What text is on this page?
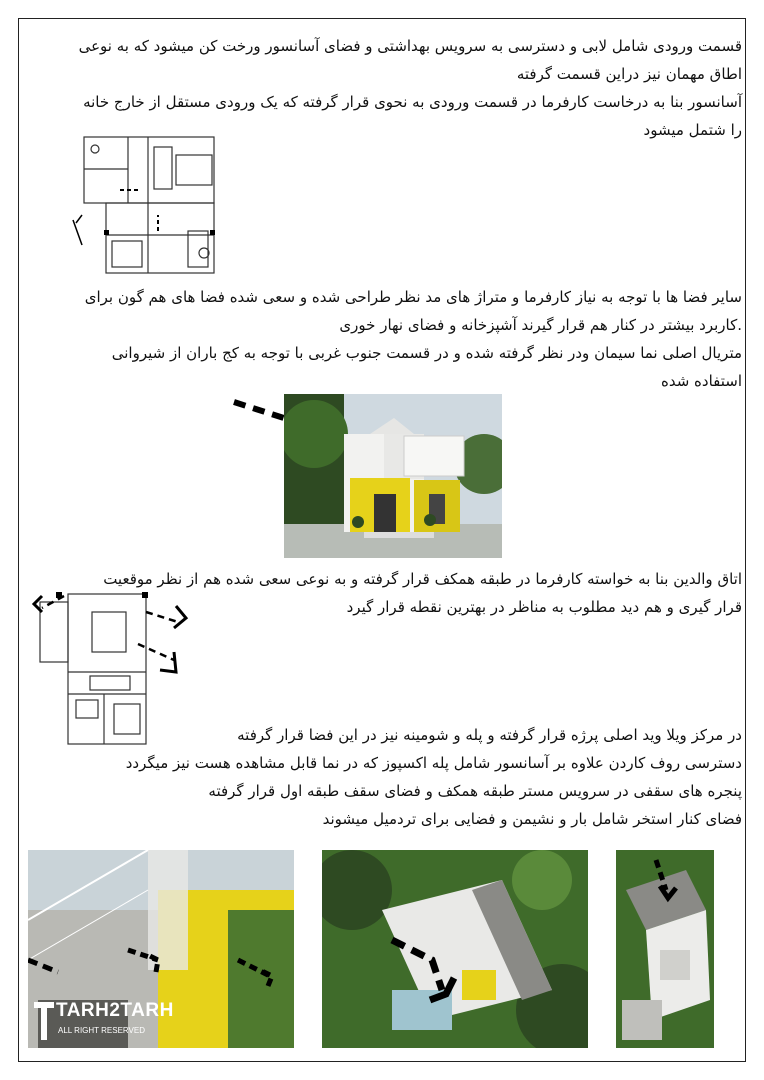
قسمت ورودی شامل لابی و دسترسی به سرویس بهداشتی و فضای آسانسور ورخت کن میشود که به نوعی

اطاق مهمان نیز دراین قسمت گرفته

آسانسور بنا به درخاست کارفرما در قسمت ورودی به نحوی قرار گرفته که یک ورودی مستقل از خارج خانه

را شتمل میشود

سایر فضا ها با توجه به نیاز کارفرما و متراژ های مد نظر طراحی شده و سعی شده فضا های هم گون برای

.کاربرد بیشتر در کنار هم قرار گیرند آشپزخانه و فضای نهار خوری

متریال اصلی نما سیمان ودر نظر گرفته شده و در قسمت جنوب غربی با توجه به کج باران از شیروانی

استفاده شده

اتاق والدین بنا به خواسته کارفرما در طبقه همکف قرار گرفته و به نوعی سعی شده هم از نظر موقعیت

قرار گیری و هم دید مطلوب به مناظر در بهترین نقطه قرار گیرد

در مرکز ویلا وید اصلی پرژه قرار گرفته و پله و شومینه نیز در این فضا قرار گرفته

دسترسی روف کاردن علاوه بر آسانسور شامل پله اکسپوز که در نما قابل مشاهده هست نیز میگردد

پنجره های سقفی در سرویس مستر طبقه همکف و فضای سقف طبقه اول قرار گرفته

فضای کنار استخر شامل بار و نشیمن و فضایی برای تردمیل میشوند

TARH2TARH
ALL RIGHT RESERVED
